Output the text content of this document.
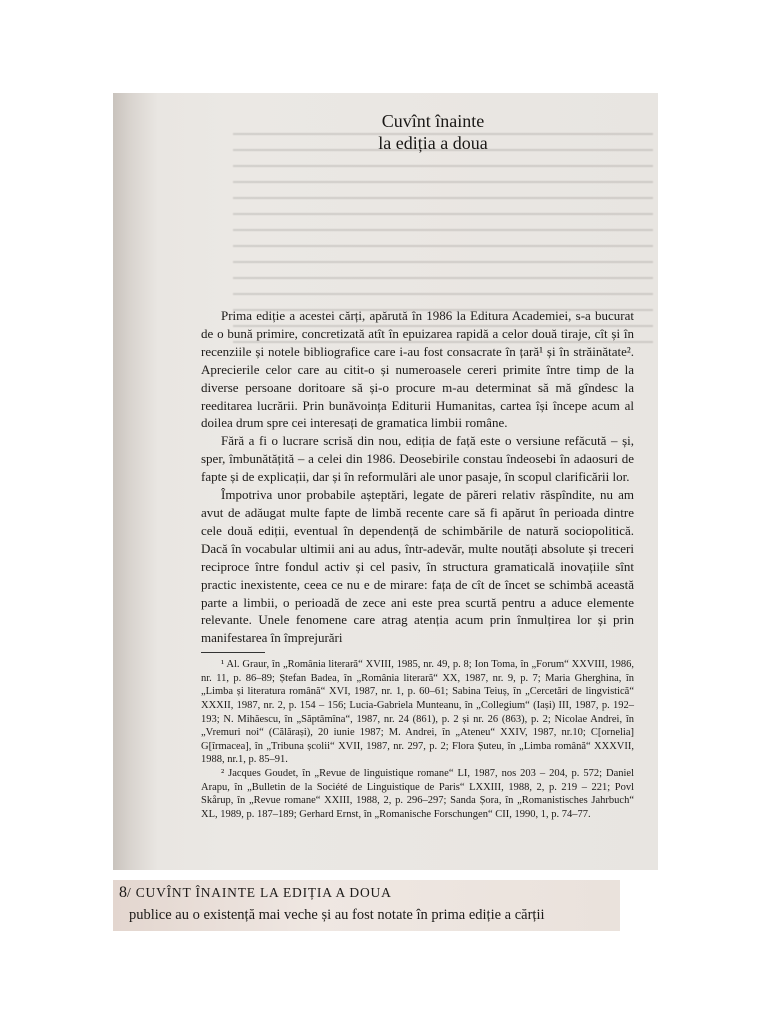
Cuvînt înainte
la ediția a doua

Prima ediție a acestei cărți, apărută în 1986 la Editura Academiei, s-a bucurat de o bună primire, concretizată atît în epuizarea rapidă a celor două tiraje, cît și în recenziile și notele bibliografice care i-au fost consacrate în țară¹ și în străinătate². Aprecierile celor care au citit-o și numeroasele cereri primite între timp de la diverse persoane doritoare să și-o procure m-au determinat să mă gîndesc la reeditarea lucrării. Prin bunăvoința Editurii Humanitas, cartea își începe acum al doilea drum spre cei interesați de gramatica limbii române.

Fără a fi o lucrare scrisă din nou, ediția de față este o versiune refăcută – și, sper, îmbunătățită – a celei din 1986. Deosebirile constau îndeosebi în adaosuri de fapte și de explicații, dar și în reformulări ale unor pasaje, în scopul clarificării lor.

Împotriva unor probabile așteptări, legate de păreri relativ răspîndite, nu am avut de adăugat multe fapte de limbă recente care să fi apărut în perioada dintre cele două ediții, eventual în dependență de schimbările de natură sociopolitică. Dacă în vocabular ultimii ani au adus, într-adevăr, multe noutăți absolute și treceri reciproce între fondul activ și cel pasiv, în structura gramaticală inovațiile sînt practic inexistente, ceea ce nu e de mirare: fața de cît de încet se schimbă această parte a limbii, o perioadă de zece ani este prea scurtă pentru a aduce elemente relevante. Unele fenomene care atrag atenția acum prin înmulțirea lor și prin manifestarea în împrejurări

¹ Al. Graur, în „România literară“ XVIII, 1985, nr. 49, p. 8; Ion Toma, în „Forum“ XXVIII, 1986, nr. 11, p. 86–89; Ștefan Badea, în „România literară“ XX, 1987, nr. 9, p. 7; Maria Gherghina, în „Limba și literatura română“ XVI, 1987, nr. 1, p. 60–61; Sabina Teiuș, în „Cercetări de lingvistică“ XXXII, 1987, nr. 2, p. 154 – 156; Lucia-Gabriela Munteanu, în „Collegium“ (Iași) III, 1987, p. 192–193; N. Mihăescu, în „Săptămîna“, 1987, nr. 24 (861), p. 2 și nr. 26 (863), p. 2; Nicolae Andrei, în „Vremuri noi“ (Călărași), 20 iunie 1987; M. Andrei, în „Ateneu“ XXIV, 1987, nr.10; C[ornelia] G[îrmacea], în „Tribuna școlii“ XVII, 1987, nr. 297, p. 2; Flora Șuteu, în „Limba română“ XXXVII, 1988, nr.1, p. 85–91.

² Jacques Goudet, în „Revue de linguistique romane“ LI, 1987, nos 203 – 204, p. 572; Daniel Arapu, în „Bulletin de la Société de Linguistique de Paris“ LXXIII, 1988, 2, p. 219 – 221; Povl Skårup, în „Revue romane“ XXIII, 1988, 2, p. 296–297; Sanda Șora, în „Romanistisches Jahrbuch“ XL, 1989, p. 187–189; Gerhard Ernst, în „Romanische Forschungen“ CII, 1990, 1, p. 74–77.

8/ CUVÎNT ÎNAINTE LA EDIȚIA A DOUA
publice au o existență mai veche și au fost notate în prima ediție a cărții
